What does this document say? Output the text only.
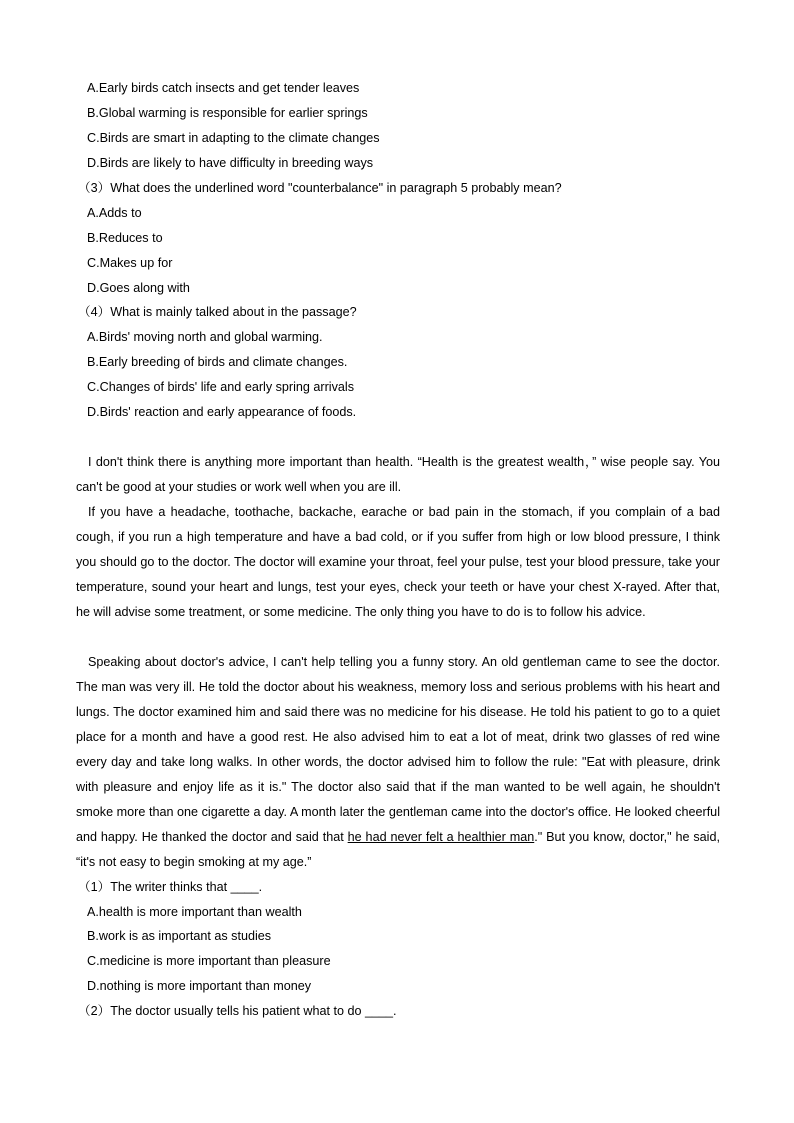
A.Early birds catch insects and get tender leaves
B.Global warming is responsible for earlier springs
C.Birds are smart in adapting to the climate changes
D.Birds are likely to have difficulty in breeding ways
（3）What does the underlined word "counterbalance" in paragraph 5 probably mean?
A.Adds to
B.Reduces to
C.Makes up for
D.Goes along with
（4）What is mainly talked about in the passage?
A.Birds' moving north and global warming.
B.Early breeding of birds and climate changes.
C.Changes of birds' life and early spring arrivals
D.Birds' reaction and early appearance of foods.

I don't think there is anything more important than health. “Health is the greatest wealth，” wise people say. You can't be good at your studies or work well when you are ill.

If you have a headache, toothache, backache, earache or bad pain in the stomach, if you complain of a bad cough, if you run a high temperature and have a bad cold, or if you suffer from high or low blood pressure, I think you should go to the doctor. The doctor will examine your throat, feel your pulse, test your blood pressure, take your temperature, sound your heart and lungs, test your eyes, check your teeth or have your chest X-rayed. After that, he will advise some treatment, or some medicine. The only thing you have to do is to follow his advice.

Speaking about doctor's advice, I can't help telling you a funny story. An old gentleman came to see the doctor. The man was very ill. He told the doctor about his weakness, memory loss and serious problems with his heart and lungs. The doctor examined him and said there was no medicine for his disease. He told his patient to go to a quiet place for a month and have a good rest. He also advised him to eat a lot of meat, drink two glasses of red wine every day and take long walks. In other words, the doctor advised him to follow the rule: "Eat with pleasure, drink with pleasure and enjoy life as it is." The doctor also said that if the man wanted to be well again, he shouldn't smoke more than one cigarette a day. A month later the gentleman came into the doctor's office. He looked cheerful and happy. He thanked the doctor and said that he had never felt a healthier man." But you know, doctor," he said, “it's not easy to begin smoking at my age.”

（1）The writer thinks that ____.
A.health is more important than wealth
B.work is as important as studies
C.medicine is more important than pleasure
D.nothing is more important than money
（2）The doctor usually tells his patient what to do ____.
